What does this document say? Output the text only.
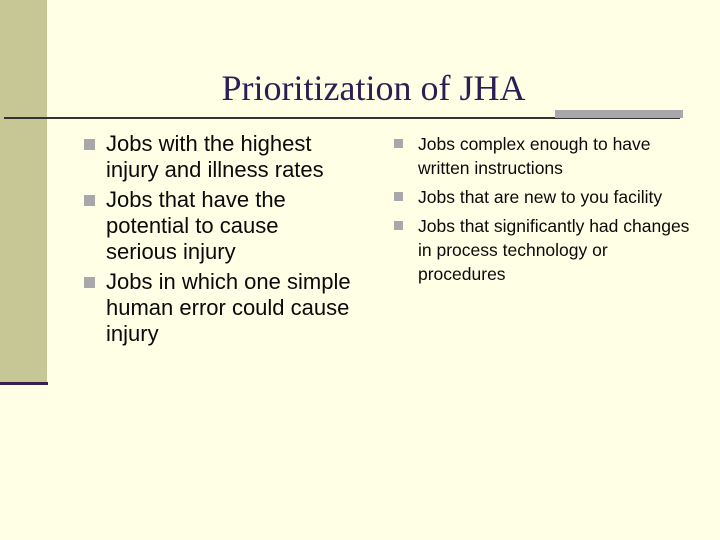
Prioritization of JHA
Jobs with the highest injury and illness rates
Jobs that have the potential to cause serious injury
Jobs in which one simple human error could cause injury
Jobs complex enough to have written instructions
Jobs that are new to you facility
Jobs that significantly had changes in process technology or procedures
